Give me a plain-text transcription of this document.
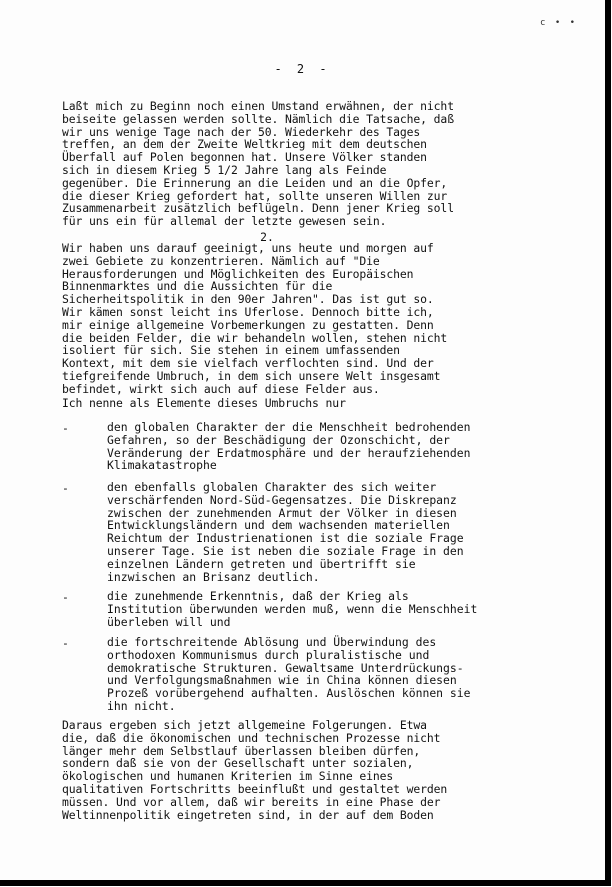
c • •
- 2 -
Laßt mich zu Beginn noch einen Umstand erwähnen, der nicht
beiseite gelassen werden sollte. Nämlich die Tatsache, daß
wir uns wenige Tage nach der 50. Wiederkehr des Tages
treffen, an dem der Zweite Weltkrieg mit dem deutschen
Überfall auf Polen begonnen hat. Unsere Völker standen
sich in diesem Krieg 5 1/2 Jahre lang als Feinde
gegenüber. Die Erinnerung an die Leiden und an die Opfer,
die dieser Krieg gefordert hat, sollte unseren Willen zur
Zusammenarbeit zusätzlich beflügeln. Denn jener Krieg soll
für uns ein für allemal der letzte gewesen sein.
2.
Wir haben uns darauf geeinigt, uns heute und morgen auf
zwei Gebiete zu konzentrieren. Nämlich auf "Die
Herausforderungen und Möglichkeiten des Europäischen
Binnenmarktes und die Aussichten für die
Sicherheitspolitik in den 90er Jahren". Das ist gut so.
Wir kämen sonst leicht ins Uferlose. Dennoch bitte ich,
mir einige allgemeine Vorbemerkungen zu gestatten. Denn
die beiden Felder, die wir behandeln wollen, stehen nicht
isoliert für sich. Sie stehen in einem umfassenden
Kontext, mit dem sie vielfach verflochten sind. Und der
tiefgreifende Umbruch, in dem sich unsere Welt insgesamt
befindet, wirkt sich auch auf diese Felder aus.
Ich nenne als Elemente dieses Umbruchs nur
-	den globalen Charakter der die Menschheit bedrohenden
Gefahren, so der Beschädigung der Ozonschicht, der
Veränderung der Erdatmosphäre und der heraufziehenden
Klimakatastrophe
-	den ebenfalls globalen Charakter des sich weiter
verschärfenden Nord-Süd-Gegensatzes. Die Diskrepanz
zwischen der zunehmenden Armut der Völker in diesen
Entwicklungsländern und dem wachsenden materiellen
Reichtum der Industrienationen ist die soziale Frage
unserer Tage. Sie ist neben die soziale Frage in den
einzelnen Ländern getreten und übertrifft sie
inzwischen an Brisanz deutlich.
-	die zunehmende Erkenntnis, daß der Krieg als
Institution überwunden werden muß, wenn die Menschheit
überleben will und
-	die fortschreitende Ablösung und Überwindung des
orthodoxen Kommunismus durch pluralistische und
demokratische Strukturen. Gewaltsame Unterdrückungs-
und Verfolgungsmaßnahmen wie in China können diesen
Prozeß vorübergehend aufhalten. Auslöschen können sie
ihn nicht.
Daraus ergeben sich jetzt allgemeine Folgerungen. Etwa
die, daß die ökonomischen und technischen Prozesse nicht
länger mehr dem Selbstlauf überlassen bleiben dürfen,
sondern daß sie von der Gesellschaft unter sozialen,
ökologischen und humanen Kriterien im Sinne eines
qualitativen Fortschritts beeinflußt und gestaltet werden
müssen. Und vor allem, daß wir bereits in eine Phase der
Weltinnenpolitik eingetreten sind, in der auf dem Boden
